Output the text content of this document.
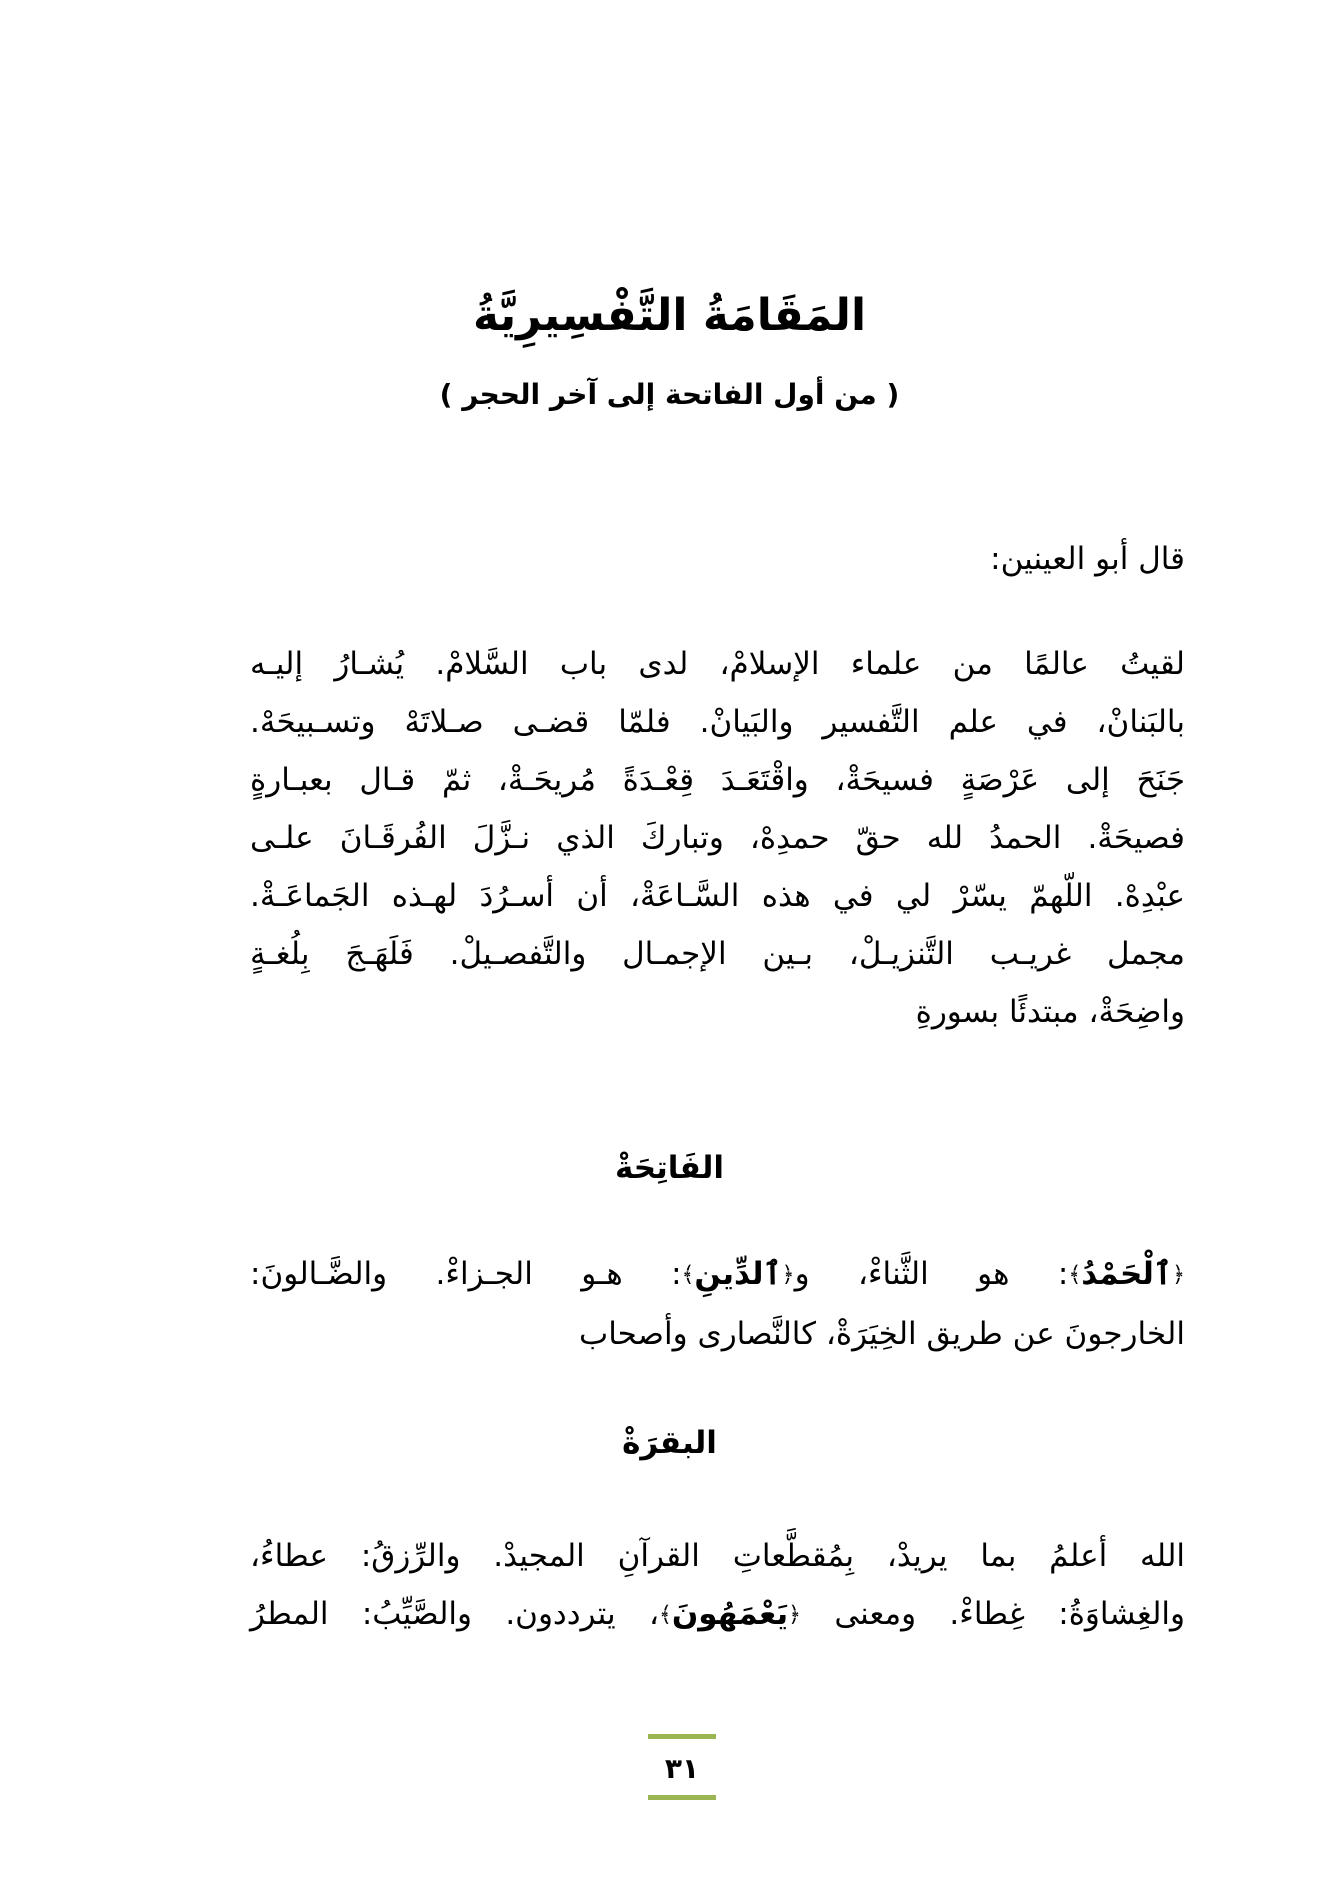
المَقَامَةُ التَّفْسِيرِيَّةُ
( من أول الفاتحة إلى آخر الحجر )
قال أبو العينين:
لقيتُ عالمًا من علماء الإسلامْ، لدى باب السَّلامْ. يُشـارُ إليـه
بالبَنانْ، في علم التَّفسير والبَيانْ. فلمّا قضـى صـلاتَهْ وتسـبيحَهْ.
جَنَحَ إلى عَرْصَةٍ فسيحَةْ، واقْتَعَـدَ قِعْـدَةً مُريحَـةْ، ثمّ قـال بعبـارةٍ
فصيحَةْ. الحمدُ لله حقّ حمدِهْ، وتباركَ الذي نـزَّلَ الفُرقَـانَ علـى
عبْدِهْ. اللّهمّ يسّرْ لي في هذه السَّـاعَةْ، أن أسـرُدَ لهـذه الجَماعَـةْ.
مجمل غريـب التَّنزيـلْ، بـين الإجمـال والتَّفصـيلْ. فَلَهَـجَ بِلُغـةٍ
واضِحَةْ، مبتدئًا بسورةِ
الفَاتِحَةْ
﴿ٱلْحَمْدُ﴾: هو الثَّناءْ، و﴿ٱلدِّينِ﴾: هـو الجـزاءْ. والضَّـالونَ:
الخارجونَ عن طريق الخِيَرَةْ، كالنَّصارى وأصحاب
البقرَةْ
الله أعلمُ بما يريدْ، بِمُقطَّعاتِ القرآنِ المجيدْ. والرِّزقُ: عطاءُ،
والغِشاوَةُ: غِطاءْ. ومعنى ﴿يَعْمَهُونَ﴾، يترددون. والصَّيِّبُ: المطرُ
٣١
